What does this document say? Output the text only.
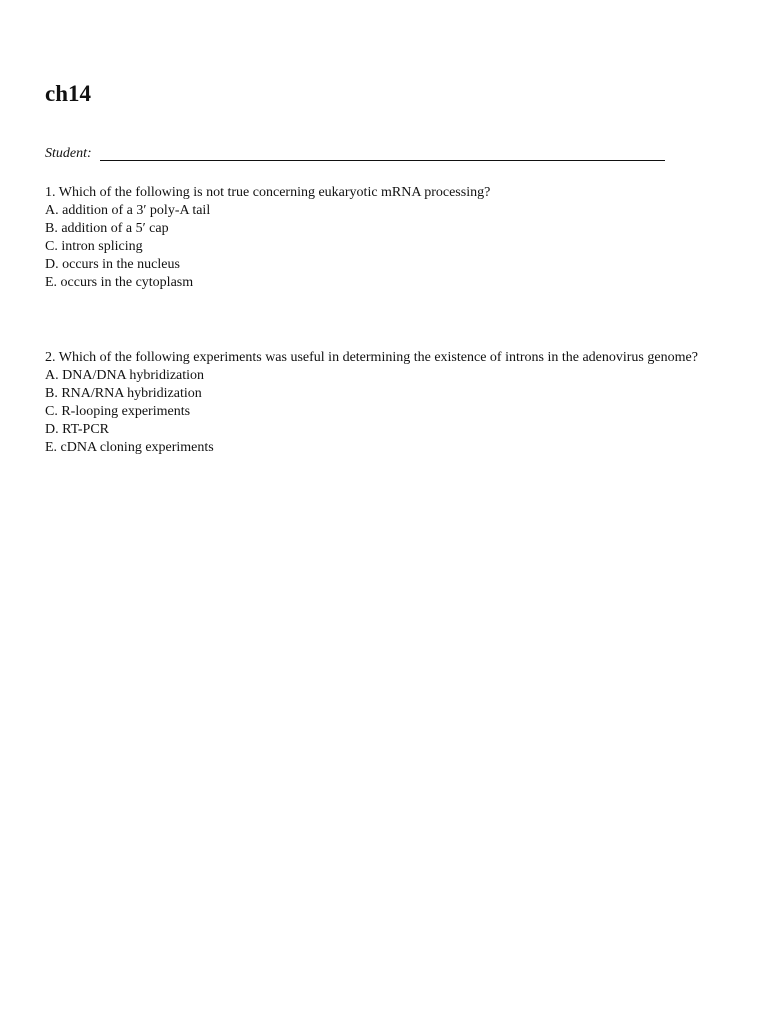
ch14
Student:

1. Which of the following is not true concerning eukaryotic mRNA processing?

A. addition of a 3′ poly-A tail
B. addition of a 5′ cap
C. intron splicing
D. occurs in the nucleus
E. occurs in the cytoplasm

2. Which of the following experiments was useful in determining the existence of introns in the adenovirus genome?

A. DNA/DNA hybridization
B. RNA/RNA hybridization
C. R-looping experiments
D. RT-PCR
E. cDNA cloning experiments
